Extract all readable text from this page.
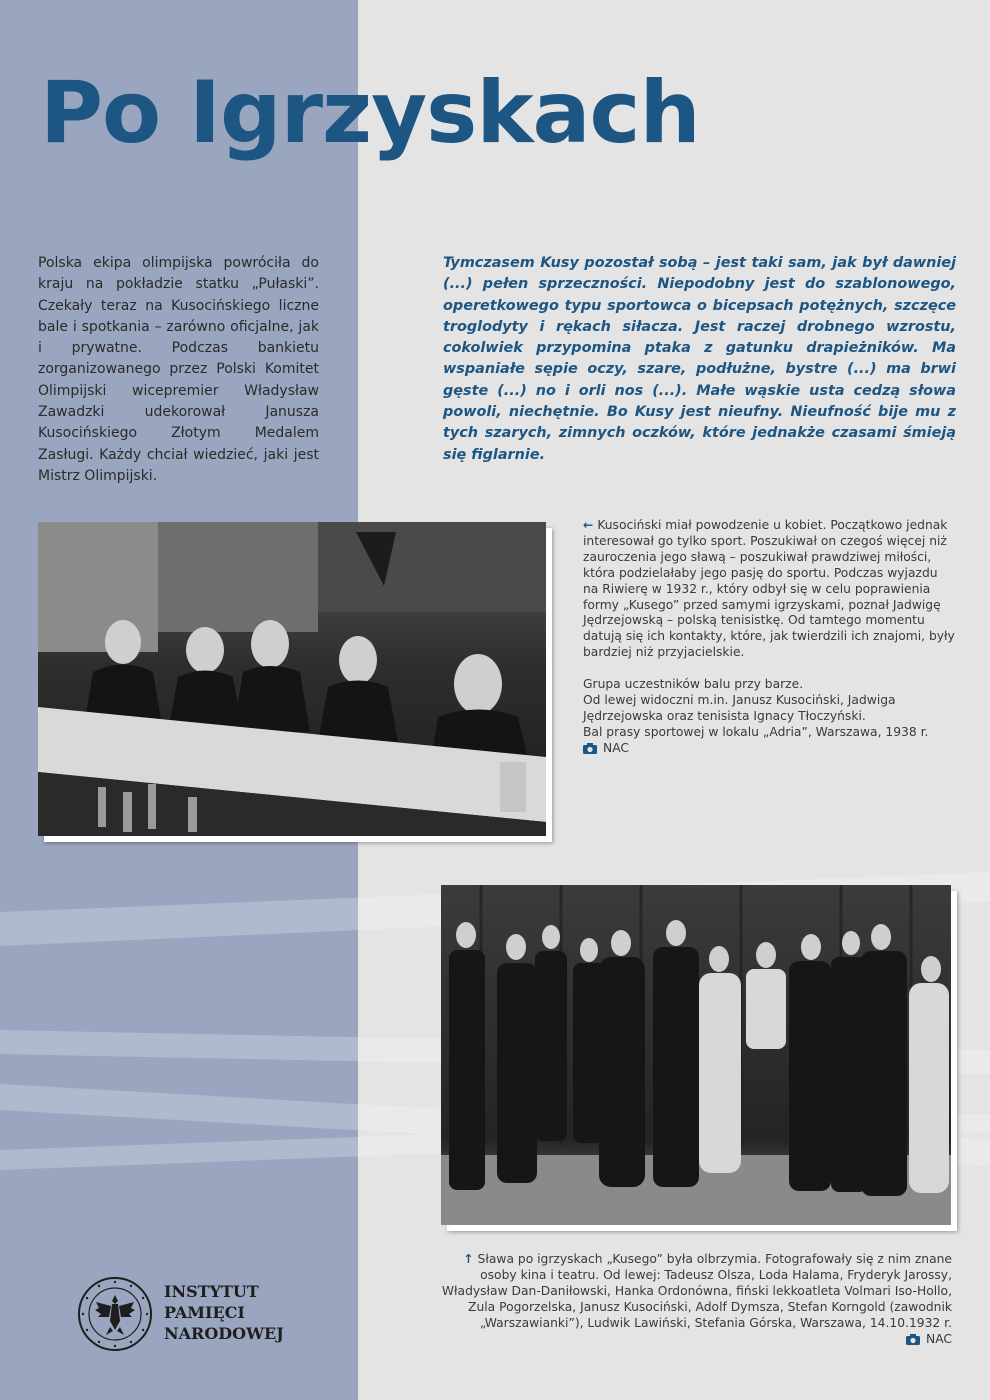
Po Igrzyskach

Polska ekipa olimpijska powróciła do kraju na pokładzie statku „Pułaski”. Czekały teraz na Kusocińskiego liczne bale i spotkania – zarówno oficjalne, jak i prywatne. Podczas bankietu zorganizowanego przez Polski Komitet Olimpijski wicepremier Władysław Zawadzki udekorował Janusza Kusocińskiego Złotym Medalem Zasługi. Każdy chciał wiedzieć, jaki jest Mistrz Olimpijski.

Tymczasem Kusy pozostał sobą – jest taki sam, jak był dawniej (...) pełen sprzeczności. Niepodobny jest do szablonowego, operetkowego typu sportowca o bicepsach potężnych, szczęce troglodyty i rękach siłacza. Jest raczej drobnego wzrostu, cokolwiek przypomina ptaka z gatunku drapieżników. Ma wspaniałe sępie oczy, szare, podłużne, bystre (...) ma brwi gęste (...) no i orli nos (...). Małe wąskie usta cedzą słowa powoli, niechętnie. Bo Kusy jest nieufny. Nieufność bije mu z tych szarych, zimnych oczków, które jednakże czasami śmieją się figlarnie.

← Kusociński miał powodzenie u kobiet. Początkowo jednak interesował go tylko sport. Poszukiwał on czegoś więcej niż zauroczenia jego sławą – poszukiwał prawdziwej miłości, która podzielałaby jego pasję do sportu. Podczas wyjazdu na Riwierę w 1932 r., który odbył się w celu poprawienia formy „Kusego” przed samymi igrzyskami, poznał Jadwigę Jędrzejowską – polską tenisistkę. Od tamtego momentu datują się ich kontakty, które, jak twierdzili ich znajomi, były bardziej niż przyjacielskie.

Grupa uczestników balu przy barze.

Od lewej widoczni m.in. Janusz Kusociński, Jadwiga Jędrzejowska oraz tenisista Ignacy Tłoczyński.

Bal prasy sportowej w lokalu „Adria”, Warszawa, 1938 r.

NAC

↑ Sława po igrzyskach „Kusego” była olbrzymia. Fotografowały się z nim znane osoby kina i teatru. Od lewej: Tadeusz Olsza, Loda Halama, Fryderyk Jarossy, Władysław Dan-Daniłowski, Hanka Ordonówna, fiński lekkoatleta Volmari Iso-Hollo, Zula Pogorzelska, Janusz Kusociński, Adolf Dymsza, Stefan Korngold (zawodnik „Warszawianki”), Ludwik Lawiński, Stefania Górska, Warszawa, 14.10.1932 r.

NAC

INSTYTUT
PAMIĘCI
NARODOWEJ
